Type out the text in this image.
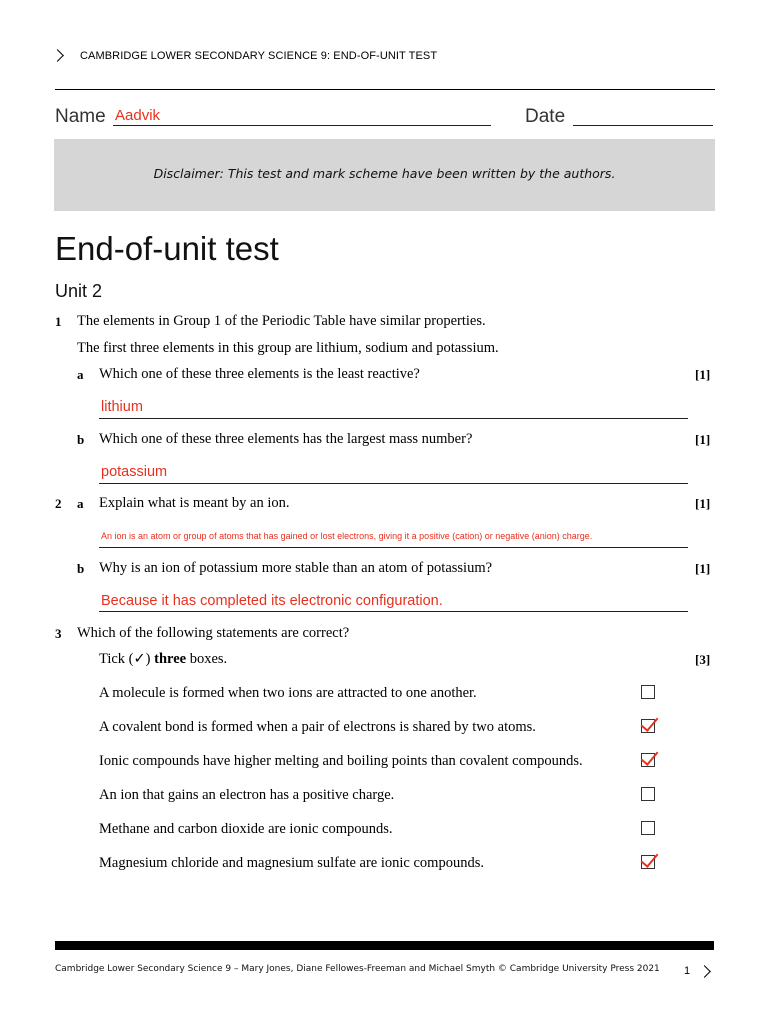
CAMBRIDGE LOWER SECONDARY SCIENCE 9: END-OF-UNIT TEST
Name Aadvik	Date
Disclaimer: This test and mark scheme have been written by the authors.
End-of-unit test
Unit 2
1 The elements in Group 1 of the Periodic Table have similar properties.
The first three elements in this group are lithium, sodium and potassium.
a Which one of these three elements is the least reactive?	[1]
lithium
b Which one of these three elements has the largest mass number?	[1]
potassium
2 a Explain what is meant by an ion.	[1]
An ion is an atom or group of atoms that has gained or lost electrons, giving it a positive (cation) or negative (anion) charge.
b Why is an ion of potassium more stable than an atom of potassium?	[1]
Because it has completed its electronic configuration.
3 Which of the following statements are correct?
Tick (✓) three boxes.	[3]
A molecule is formed when two ions are attracted to one another.
A covalent bond is formed when a pair of electrons is shared by two atoms.
Ionic compounds have higher melting and boiling points than covalent compounds.
An ion that gains an electron has a positive charge.
Methane and carbon dioxide are ionic compounds.
Magnesium chloride and magnesium sulfate are ionic compounds.
Cambridge Lower Secondary Science 9 – Mary Jones, Diane Fellowes-Freeman and Michael Smyth © Cambridge University Press 2021 1
